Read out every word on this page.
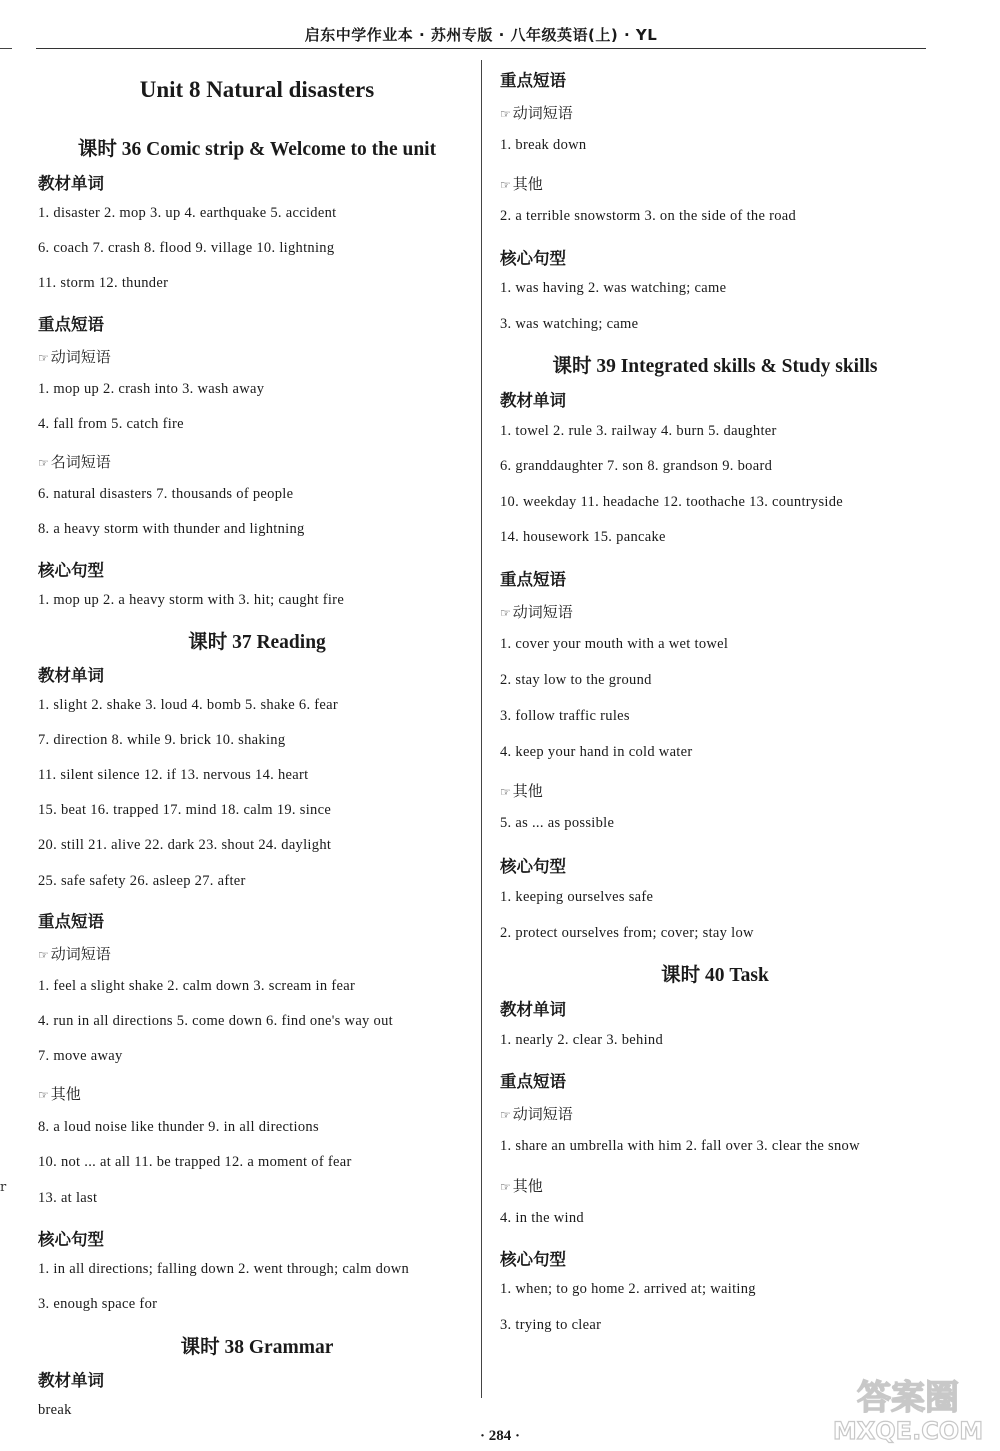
启东中学作业本 · 苏州专版 · 八年级英语(上) · YL
r
Unit 8 Natural disasters
课时 36 Comic strip & Welcome to the unit
教材单词
1. disaster 2. mop 3. up 4. earthquake 5. accident
6. coach 7. crash 8. flood 9. village 10. lightning
11. storm 12. thunder
重点短语
☞ 动词短语
1. mop up 2. crash into 3. wash away
4. fall from 5. catch fire
☞ 名词短语
6. natural disasters 7. thousands of people
8. a heavy storm with thunder and lightning
核心句型
1. mop up 2. a heavy storm with 3. hit; caught fire
课时 37 Reading
教材单词
1. slight 2. shake 3. loud 4. bomb 5. shake 6. fear
7. direction 8. while 9. brick 10. shaking
11. silent silence 12. if 13. nervous 14. heart
15. beat 16. trapped 17. mind 18. calm 19. since
20. still 21. alive 22. dark 23. shout 24. daylight
25. safe safety 26. asleep 27. after
重点短语
☞ 动词短语
1. feel a slight shake 2. calm down 3. scream in fear
4. run in all directions 5. come down 6. find one's way out
7. move away
☞ 其他
8. a loud noise like thunder 9. in all directions
10. not ... at all 11. be trapped 12. a moment of fear
13. at last
核心句型
1. in all directions; falling down 2. went through; calm down
3. enough space for
课时 38 Grammar
教材单词
break
重点短语
☞ 动词短语
1. break down
☞ 其他
2. a terrible snowstorm 3. on the side of the road
核心句型
1. was having 2. was watching; came
3. was watching; came
课时 39 Integrated skills & Study skills
教材单词
1. towel 2. rule 3. railway 4. burn 5. daughter
6. granddaughter 7. son 8. grandson 9. board
10. weekday 11. headache 12. toothache 13. countryside
14. housework 15. pancake
重点短语
☞ 动词短语
1. cover your mouth with a wet towel
2. stay low to the ground
3. follow traffic rules
4. keep your hand in cold water
☞ 其他
5. as ... as possible
核心句型
1. keeping ourselves safe
2. protect ourselves from; cover; stay low
课时 40 Task
教材单词
1. nearly 2. clear 3. behind
重点短语
☞ 动词短语
1. share an umbrella with him 2. fall over 3. clear the snow
☞ 其他
4. in the wind
核心句型
1. when; to go home 2. arrived at; waiting
3. trying to clear
· 284 ·
答案圈
MXQE.COM
